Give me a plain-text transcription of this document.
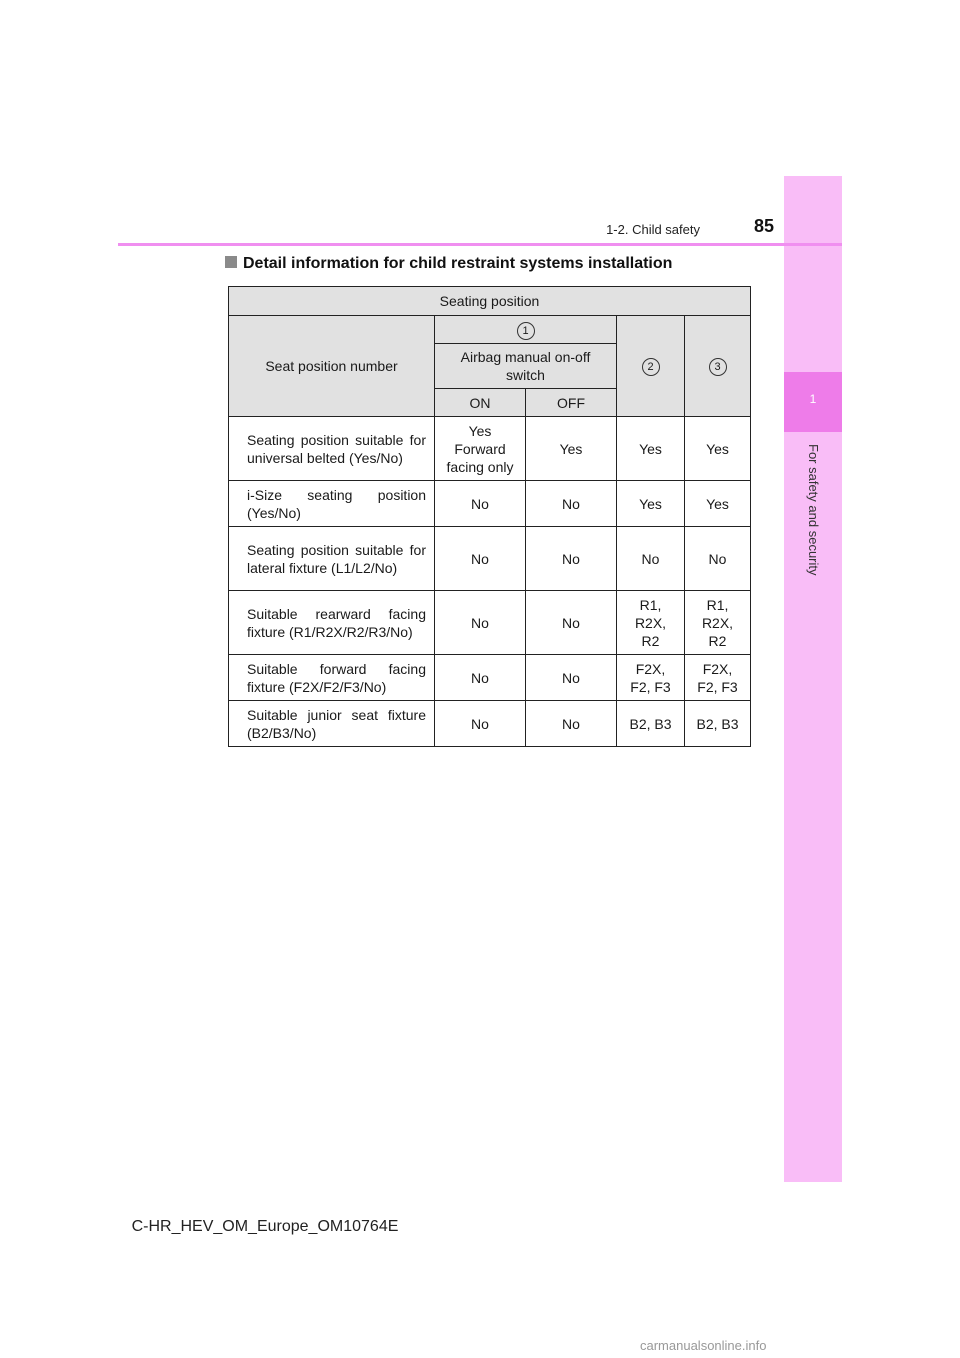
1
For safety and security
1-2. Child safety	85
Detail information for child restraint systems installation
Seating position				
Seat position number	1		2	3
	Airbag manual on-off switch			
	ON	OFF		
Seating position suitable for universal belted (Yes/No)	Yes Forward facing only	Yes	Yes	Yes
i-Size seating position (Yes/No)	No	No	Yes	Yes
Seating position suitable for lateral fixture (L1/L2/No)	No	No	No	No
Suitable rearward facing fixture (R1/R2X/R2/R3/No)	No	No	R1, R2X, R2	R1, R2X, R2
Suitable forward facing fixture (F2X/F2/F3/No)	No	No	F2X, F2, F3	F2X, F2, F3
Suitable junior seat fixture (B2/B3/No)	No	No	B2, B3	B2, B3
C-HR_HEV_OM_Europe_OM10764E
carmanualsonline.info
